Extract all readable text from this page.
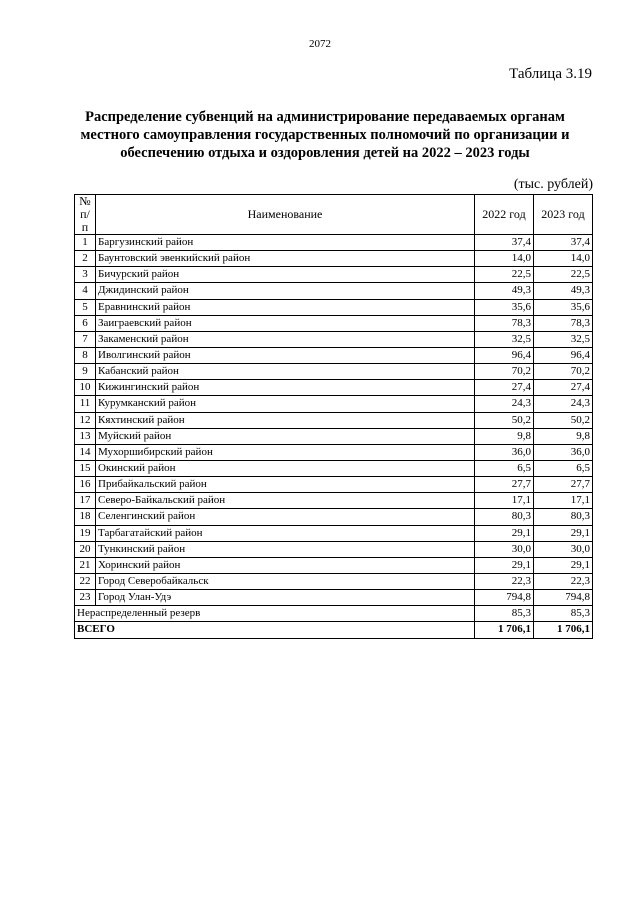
2072
Таблица 3.19
Распределение субвенций на администрирование передаваемых органам местного самоуправления государственных полномочий по организации и обеспечению отдыха и оздоровления детей на 2022 – 2023 годы
(тыс. рублей)
№
п/п	Наименование	2022 год	2023 год
1	Баргузинский район	37,4	37,4
2	Баунтовский эвенкийский район	14,0	14,0
3	Бичурский район	22,5	22,5
4	Джидинский район	49,3	49,3
5	Еравнинский район	35,6	35,6
6	Заиграевский район	78,3	78,3
7	Закаменский район	32,5	32,5
8	Иволгинский район	96,4	96,4
9	Кабанский район	70,2	70,2
10	Кижингинский район	27,4	27,4
11	Курумканский район	24,3	24,3
12	Кяхтинский район	50,2	50,2
13	Муйский район	9,8	9,8
14	Мухоршибирский район	36,0	36,0
15	Окинский район	6,5	6,5
16	Прибайкальский район	27,7	27,7
17	Северо-Байкальский район	17,1	17,1
18	Селенгинский район	80,3	80,3
19	Тарбагатайский район	29,1	29,1
20	Тункинский район	30,0	30,0
21	Хоринский район	29,1	29,1
22	Город Северобайкальск	22,3	22,3
23	Город Улан-Удэ	794,8	794,8
Нераспределенный резерв		85,3	85,3
ВСЕГО		1 706,1	1 706,1
